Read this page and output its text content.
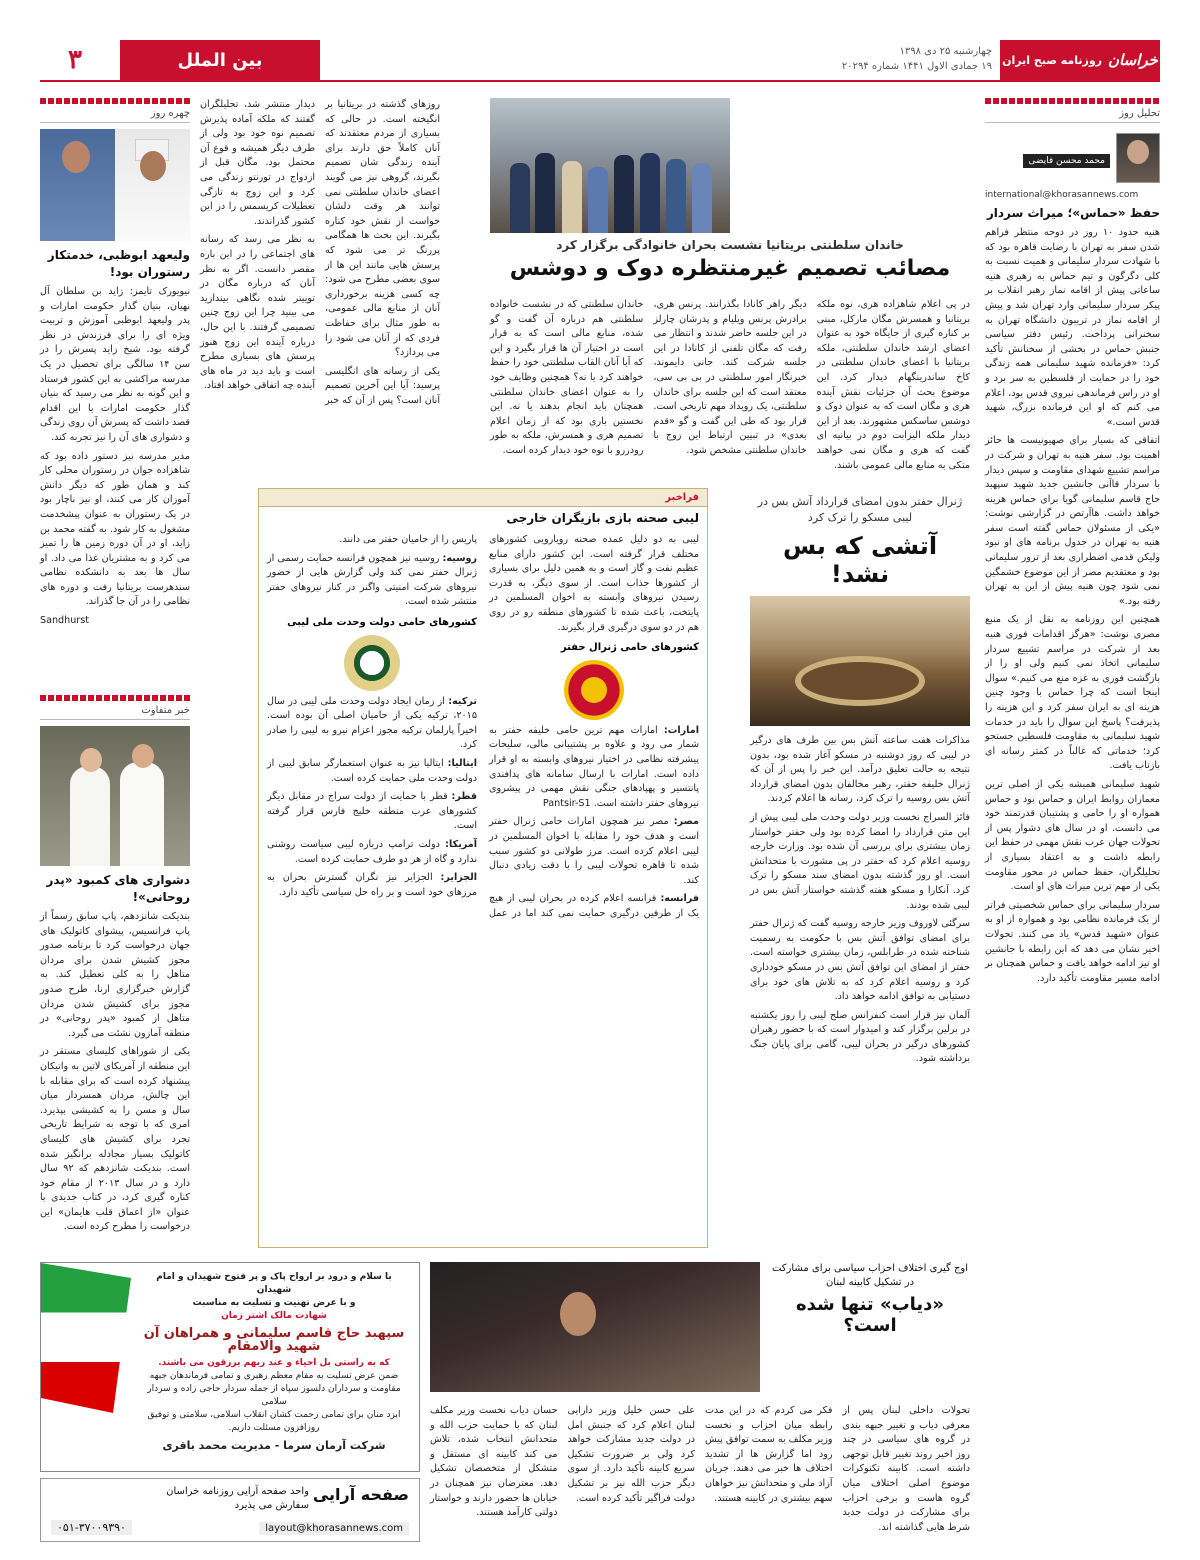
خراسان
روزنامه صبح ایران
چهارشنبه ۲۵ دی ۱۳۹۸
۱۹ جمادی الاول ۱۴۴۱ شماره ۲۰۲۹۴
بین الملل
۳
تحلیل روز
محمد محسن فایضی
international@khorasannews.com
حفظ «حماس»؛ میراث سردار

هنیه حدود ۱۰ روز در دوحه منتظر فراهم شدن سفر به تهران با رضایت قاهره بود که با شهادت سردار سلیمانی و همیت نسبت به کلی دگرگون و تیم حماس به رهبری هنیه ساعاتی پیش از اقامه نماز رهبر انقلاب بر پیکر سردار سلیمانی وارد تهران شد و پیش از اقامه نماز در تریبون دانشگاه تهران به سخنرانی پرداخت. رئیس دفتر سیاسی جنبش حماس در بخشی از سخنانش تأکید کرد: «فرمانده شهید سلیمانی همه زندگی خود را در حمایت از فلسطین به سر برد و او در راس فرماندهی نیروی قدس بود، اعلام می کنم که او این فرمانده بزرگ، شهید قدس است.»

اتفاقی که بسیار برای صهیونیست ها حائز اهمیت بود. سفر هنیه به تهران و شرکت در مراسم تشییع شهدای مقاومت و سپس دیدار با سردار قاآنی جانشین جدید شهید سپهبد حاج قاسم سلیمانی گویا برای حماس هزینه خواهد داشت. هاآرتص در گزارشی نوشت: «یکی از مسئولان حماس گفته است سفر هنیه به تهران در جدول برنامه های او نبود ولیکن قدمی اضطراری بعد از ترور سلیمانی بود و معتقدیم مصر از این موضوع خشمگین نمی شود چون هنیه پیش از این به تهران رفته بود.»

همچنین این روزنامه به نقل از یک منبع مصری نوشت: «هرگز اقدامات فوری هنیه بعد از شرکت در مراسم تشییع سردار سلیمانی اتخاذ نمی کنیم ولی او را از بازگشت فوری به غزه منع می کنیم.» سوال اینجا است که چرا حماس با وجود چنین هزینه ای به ایران سفر کرد و این هزینه را پذیرفت؟ پاسخ این سوال را باید در خدمات شهید سلیمانی به مقاومت فلسطین جستجو کرد؛ خدماتی که غالباً در کمتر رسانه ای بازتاب یافت.

شهید سلیمانی همیشه یکی از اصلی ترین معماران روابط ایران و حماس بود و حماس همواره او را حامی و پشتیبان قدرتمند خود می دانست. او در سال های دشوار پس از تحولات جهان عرب نقش مهمی در حفظ این رابطه داشت و به اعتقاد بسیاری از تحلیلگران، حفظ حماس در محور مقاومت یکی از مهم ترین میراث های او است.

سردار سلیمانی برای حماس شخصیتی فراتر از یک فرمانده نظامی بود و همواره از او به عنوان «شهید قدس» یاد می کنند. تحولات اخیر نشان می دهد که این رابطه با جانشین او نیز ادامه خواهد یافت و حماس همچنان بر ادامه مسیر مقاومت تأکید دارد.

خاندان سلطنتی بریتانیا نشست بحران خانوادگی برگزار کرد
مصائب تصمیم غیرمنتظره دوک و دوشس

در پی اعلام شاهزاده هری، نوه ملکه بریتانیا و همسرش مگان مارکل، مبنی بر کناره گیری از جایگاه خود به عنوان اعضای ارشد خاندان سلطنتی، ملکه بریتانیا با اعضای خاندان سلطنتی در کاخ ساندرینگهام دیدار کرد. این موضوع بحث آن جزئیات نقش آینده هری و مگان است که به عنوان دوک و دوشس ساسکس مشهورند. بعد از این دیدار ملکه الیزابت دوم در بیانیه ای گفت که هری و مگان نمی خواهند متکی به منابع مالی عمومی باشند.

دیگر راهر کانادا بگذرانند. پرنس هری، برادرش پرنس ویلیام و پدرشان چارلز در این جلسه حاضر شدند و انتظار می رفت که مگان تلفنی از کانادا در این جلسه شرکت کند. جانی دایموند، خبرنگار امور سلطنتی در بی بی سی، معتقد است که این جلسه برای خاندان سلطنتی، یک رویداد مهم تاریخی است. قرار بود که طی این گفت و گو «قدم بعدی» در تبیین ارتباط این زوج با خاندان سلطنتی مشخص شود.

خاندان سلطنتی که در نشست خانواده سلطنتی هم درباره آن گفت و گو شده، منابع مالی است که به قرار است در اختیار آن ها قرار بگیرد و این که آیا آنان القاب سلطنتی خود را حفظ خواهند کرد یا نه؟ همچنین وظایف خود را به عنوان اعضای خاندان سلطنتی همچنان باید انجام بدهند یا نه. این نخستین باری بود که از زمان اعلام تصمیم هری و همسرش، ملکه به طور رودررو با نوه خود دیدار کرده است.

روزهای گذشته در بریتانیا بر انگیخته است. در حالی که بسیاری از مردم معتقدند که آنان کاملاً حق دارند برای آینده زندگی شان تصمیم بگیرند، گروهی نیز می گویند اعضای خاندان سلطنتی نمی توانند هر وقت دلشان خواست از نقش خود کناره بگیرند. این بحث ها همگامی پررنگ تر می شود که پرسش هایی مانند این ها از سوی بعضی مطرح می شود: چه کسی هزینه برخورداری آنان از منابع مالی عمومی، به طور مثال برای حفاظت فردی که از آنان می شود را می پردازد؟

یکی از رسانه های انگلیسی پرسید: آیا این آخرین تصمیم آنان است؟ پس از آن که خبر دیدار منتشر شد، تحلیلگران گفتند که ملکه آماده پذیرش تصمیم نوه خود بود ولی از طرف دیگر همیشه و قوع آن محتمل بود. مگان قبل از ازدواج در تورنتو زندگی می کرد و این زوج به تازگی تعطیلات کریسمس را در این کشور گذراندند.

به نظر می رسد که رسانه های اجتماعی را در این باره مقصر دانست. اگر به نظر آنان که درباره مگان در توییتر شده نگاهی بیندازید می بینید چرا این زوج چنین تصمیمی گرفتند. با این حال، درباره آینده این زوج هنوز پرسش های بسیاری مطرح است و باید دید در ماه های آینده چه اتفاقی خواهد افتاد.

چهره روز
ولیعهد ابوظبی، خدمتکار رستوران بود!

نیویورک تایمز: زاید بن سلطان آل نهیان، بنیان گذار حکومت امارات و پدر ولیعهد ابوظبی آموزش و تربیت ویژه ای را برای فرزندش در نظر گرفته بود. شیخ زاید پسرش را در سن ۱۴ سالگی برای تحصیل در یک مدرسه مراکشی به این کشور فرستاد و این گونه به نظر می رسید که بنیان گذار حکومت امارات با این اقدام قصد داشت که پسرش آن روی زندگی و دشواری های آن را نیز تجربه کند.

مدیر مدرسه نیز دستور داده بود که شاهزاده جوان در رستوران محلی کار کند و همان طور که دیگر دانش آموزان کار می کنند، او نیز ناچار بود در یک رستوران به عنوان پیشخدمت مشغول به کار شود. به گفته محمد بن زاید، او در آن دوره زمین ها را تمیز می کرد و به مشتریان غذا می داد. او سال ها بعد به دانشکده نظامی سندهرست بریتانیا رفت و دوره های نظامی را در آن جا گذراند.

Sandhurst

خبر متفاوت
دشواری های کمبود «پدر روحانی»!

بندیکت شانزدهم، پاپ سابق رسماً از پاپ فرانسیس، پیشوای کاتولیک های جهان درخواست کرد تا برنامه صدور مجوز کشیش شدن برای مردان متاهل را به کلی تعطیل کند. به گزارش خبرگزاری ارنا، طرح صدور مجوز برای کشیش شدن مردان متاهل از کمبود «پدر روحانی» در منطقه آمازون نشئت می گیرد.

یکی از شوراهای کلیسای مستقر در این منطقه از آمریکای لاتین به واتیکان پیشنهاد کرده است که برای مقابله با این چالش، مردان همسردار میان سال و مسن را به کشیشی بپذیرد. امری که با توجه به شرایط تاریخی تجرد برای کشیش های کلیسای کاتولیک بسیار مجادله برانگیز شده است. بندیکت شانزدهم که ۹۲ سال دارد و در سال ۲۰۱۳ از مقام خود کناره گیری کرد، در کتاب جدیدی با عنوان «از اعماق قلب هایمان» این درخواست را مطرح کرده است.

فراخبر
لیبی صحنه بازی بازیگران خارجی

لیبی به دو دلیل عمده صحنه رویارویی کشورهای مختلف قرار گرفته است. این کشور دارای منابع عظیم نفت و گاز است و به همین دلیل برای بسیاری از کشورها جذاب است. از سوی دیگر، به قدرت رسیدن نیروهای وابسته به اخوان المسلمین در پایتخت، باعث شده تا کشورهای منطقه رو در روی هم در دو سوی درگیری قرار بگیرند.

کشورهای حامی ژنرال حفتر

امارات: امارات مهم ترین حامی خلیفه حفتر به شمار می رود و علاوه بر پشتیبانی مالی، سلیحات پیشرفته نظامی در اختیار نیروهای وابسته به او قرار داده است. امارات با ارسال سامانه های پدافندی پانتسیر و پهپادهای جنگی نقش مهمی در پیشروی نیروهای حفتر داشته است. Pantsir-S1

مصر: مصر نیز همچون امارات حامی ژنرال حفتر است و هدف خود را مقابله با اخوان المسلمین در لیبی اعلام کرده است. مرز طولانی دو کشور سبب شده تا قاهره تحولات لیبی را با دقت زیادی دنبال کند.

فرانسه: فرانسه اعلام کرده در بحران لیبی از هیچ یک از طرفین درگیری حمایت نمی کند اما در عمل پاریس را از حامیان حفتر می دانند.

روسیه: روسیه نیز همچون فرانسه حمایت رسمی از ژنرال حفتر نمی کند ولی گزارش هایی از حضور نیروهای شرکت امنیتی واگنر در کنار نیروهای حفتر منتشر شده است.

کشورهای حامی دولت وحدت ملی لیبی

ترکیه: از زمان ایجاد دولت وحدت ملی لیبی در سال ۲۰۱۵، ترکیه یکی از حامیان اصلی آن بوده است. اخیراً پارلمان ترکیه مجوز اعزام نیرو به لیبی را صادر کرد.

ایتالیا: ایتالیا نیز به عنوان استعمارگر سابق لیبی از دولت وحدت ملی حمایت کرده است.

قطر: قطر با حمایت از دولت سراج در مقابل دیگر کشورهای عرب منطقه خلیج فارس قرار گرفته است.

آمریکا: دولت ترامپ درباره لیبی سیاست روشنی ندارد و گاه از هر دو طرف حمایت کرده است.

الجزایر: الجزایر نیز نگران گسترش بحران به مرزهای خود است و بر راه حل سیاسی تأکید دارد.

ژنرال حفتر بدون امضای قرارداد آتش بس در لیبی مسکو را ترک کرد
آتشی که بس نشد!

مذاکرات هفت ساعته آتش بس بین طرف های درگیر در لیبی که روز دوشنبه در مسکو آغاز شده بود، بدون نتیجه به حالت تعلیق درآمد. این خبر را پس از آن که ژنرال خلیفه حفتر، رهبر مخالفان بدون امضای قرارداد آتش بس روسیه را ترک کرد، رسانه ها اعلام کردند.

فائز السراج نخست وزیر دولت وحدت ملی لیبی پیش از این متن قرارداد را امضا کرده بود ولی حفتر خواستار زمان بیشتری برای بررسی آن شده بود. وزارت خارجه روسیه اعلام کرد که حفتر در پی مشورت با متحدانش است. او روز گذشته بدون امضای سند مسکو را ترک کرد. آنکارا و مسکو هفته گذشته خواستار آتش بس در لیبی شده بودند.

سرگئی لاوروف وزیر خارجه روسیه گفت که ژنرال حفتر برای امضای توافق آتش بس با حکومت به رسمیت شناخته شده در طرابلس، زمان بیشتری خواسته است. حفتر از امضای این توافق آتش بس در مسکو خودداری کرد و روسیه اعلام کرد که به تلاش های خود برای دستیابی به توافق ادامه خواهد داد.

آلمان نیز قرار است کنفرانس صلح لیبی را روز یکشنبه در برلین برگزار کند و امیدوار است که با حضور رهبران کشورهای درگیر در بحران لیبی، گامی برای پایان جنگ برداشته شود.

با سلام و درود بر ارواح پاک و پر فتوح شهیدان و امام شهیدان
و با عرض تهنیت و تسلیت به مناسبت
شهادت مالک اشتر زمان
سپهبد حاج قاسم سلیمانی و همراهان آن شهید والامقام
که به راستی بل احیاء و عند ربهم یرزقون می باشند.
ضمن عرض تسلیت به مقام معظم رهبری و تمامی فرماندهان جبهه مقاومت و سرداران دلسوز سپاه از جمله سردار حاجی زاده و سردار سلامی
ایزد منان برای تمامی زحمت کشان انقلاب اسلامی، سلامتی و توفیق روزافزون مسئلت داریم.
شرکت آرمان سرما - مدیریت محمد باقری
صفحه آرایی
واحد صفحه آرایی روزنامه خراسان
سفارش می پذیرد
layout@khorasannews.com
۰۵۱-۳۷۰۰۹۳۹۰
اوج گیری اختلاف احزاب سیاسی برای مشارکت در تشکیل کابینه لبنان
«دیاب» تنها شده است؟

تحولات داخلی لبنان پس از معرفی دیاب و تغییر جبهه بندی در گروه های سیاسی در چند روز اخیر روند تغییر قابل توجهی داشته است. کابینه تکنوکرات موضوع اصلی اختلاف میان گروه هاست و برخی احزاب برای مشارکت در دولت جدید شرط هایی گذاشته اند.

فکر می کردم که در این مدت رابطه میان احزاب و نخست وزیر مکلف به سمت توافق پیش رود اما گزارش ها از تشدید اختلاف ها خبر می دهند. جریان آزاد ملی و متحدانش نیز خواهان سهم بیشتری در کابینه هستند.

علی حسن خلیل وزیر دارایی لبنان اعلام کرد که جنبش امل در دولت جدید مشارکت خواهد کرد ولی بر ضرورت تشکیل سریع کابینه تأکید دارد. از سوی دیگر حزب الله نیز بر تشکیل دولت فراگیر تأکید کرده است.

حسان دیاب نخست وزیر مکلف لبنان که با حمایت حزب الله و متحدانش انتخاب شده، تلاش می کند کابینه ای مستقل و متشکل از متخصصان تشکیل دهد. معترضان نیز همچنان در خیابان ها حضور دارند و خواستار دولتی کارآمد هستند.
